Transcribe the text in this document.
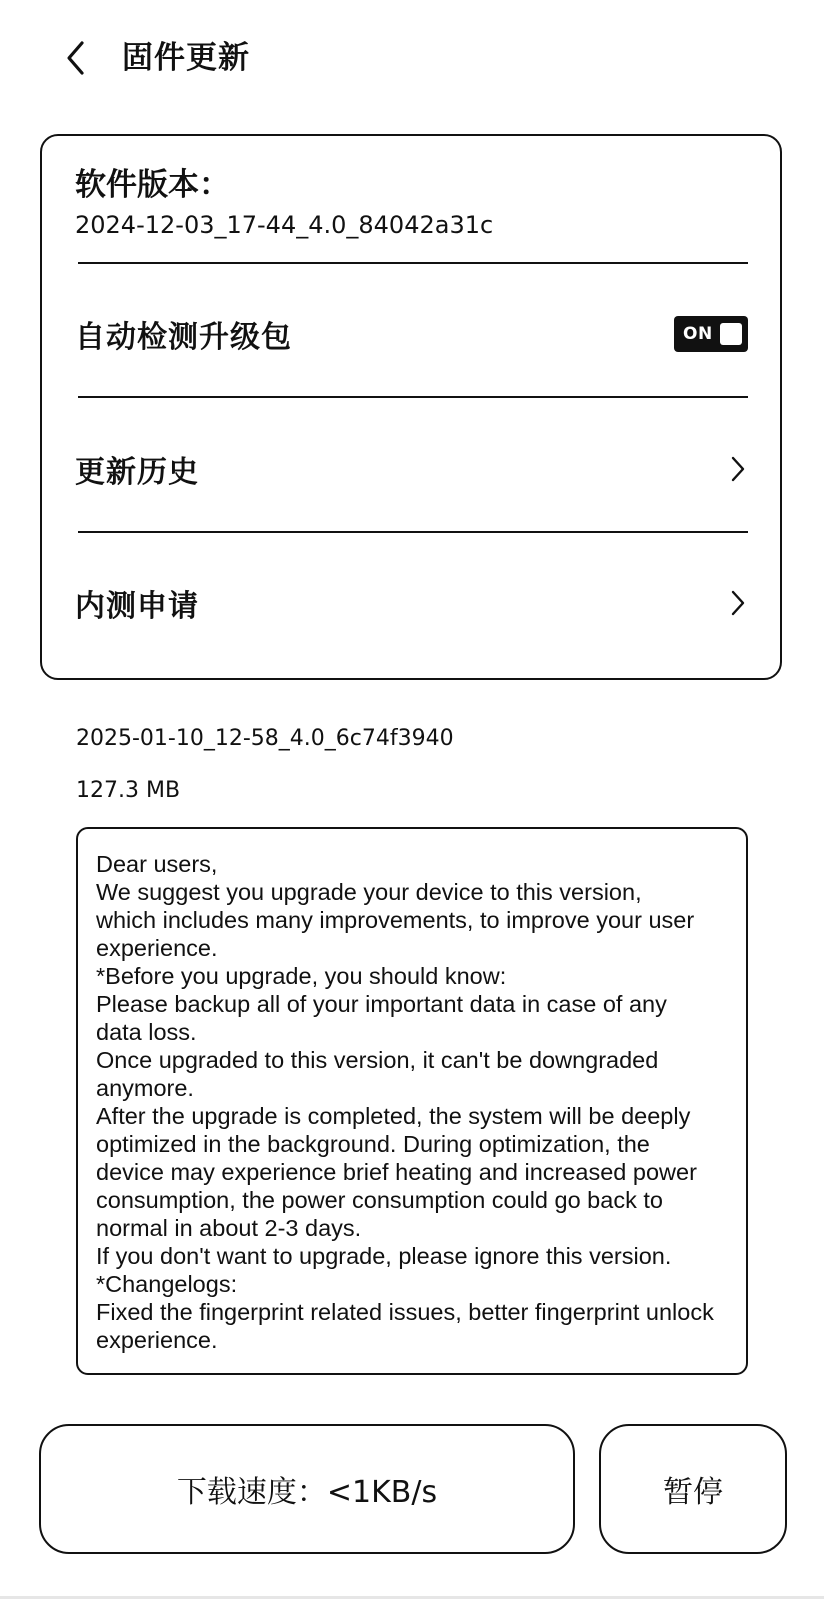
固件更新
软件版本：
2024-12-03_17-44_4.0_84042a31c
自动检测升级包	ON
更新历史
内测申请
2025-01-10_12-58_4.0_6c74f3940
127.3 MB
Dear users,
We suggest you upgrade your device to this version,
which includes many improvements, to improve your user
experience.
*Before you upgrade, you should know:
Please backup all of your important data in case of any
data loss.
Once upgraded to this version, it can't be downgraded
anymore.
After the upgrade is completed, the system will be deeply
optimized in the background. During optimization, the
device may experience brief heating and increased power
consumption, the power consumption could go back to
normal in about 2-3 days.
If you don't want to upgrade, please ignore this version.
*Changelogs:
Fixed the fingerprint related issues, better fingerprint unlock
experience.
下载速度：<1KB/s	暂停
